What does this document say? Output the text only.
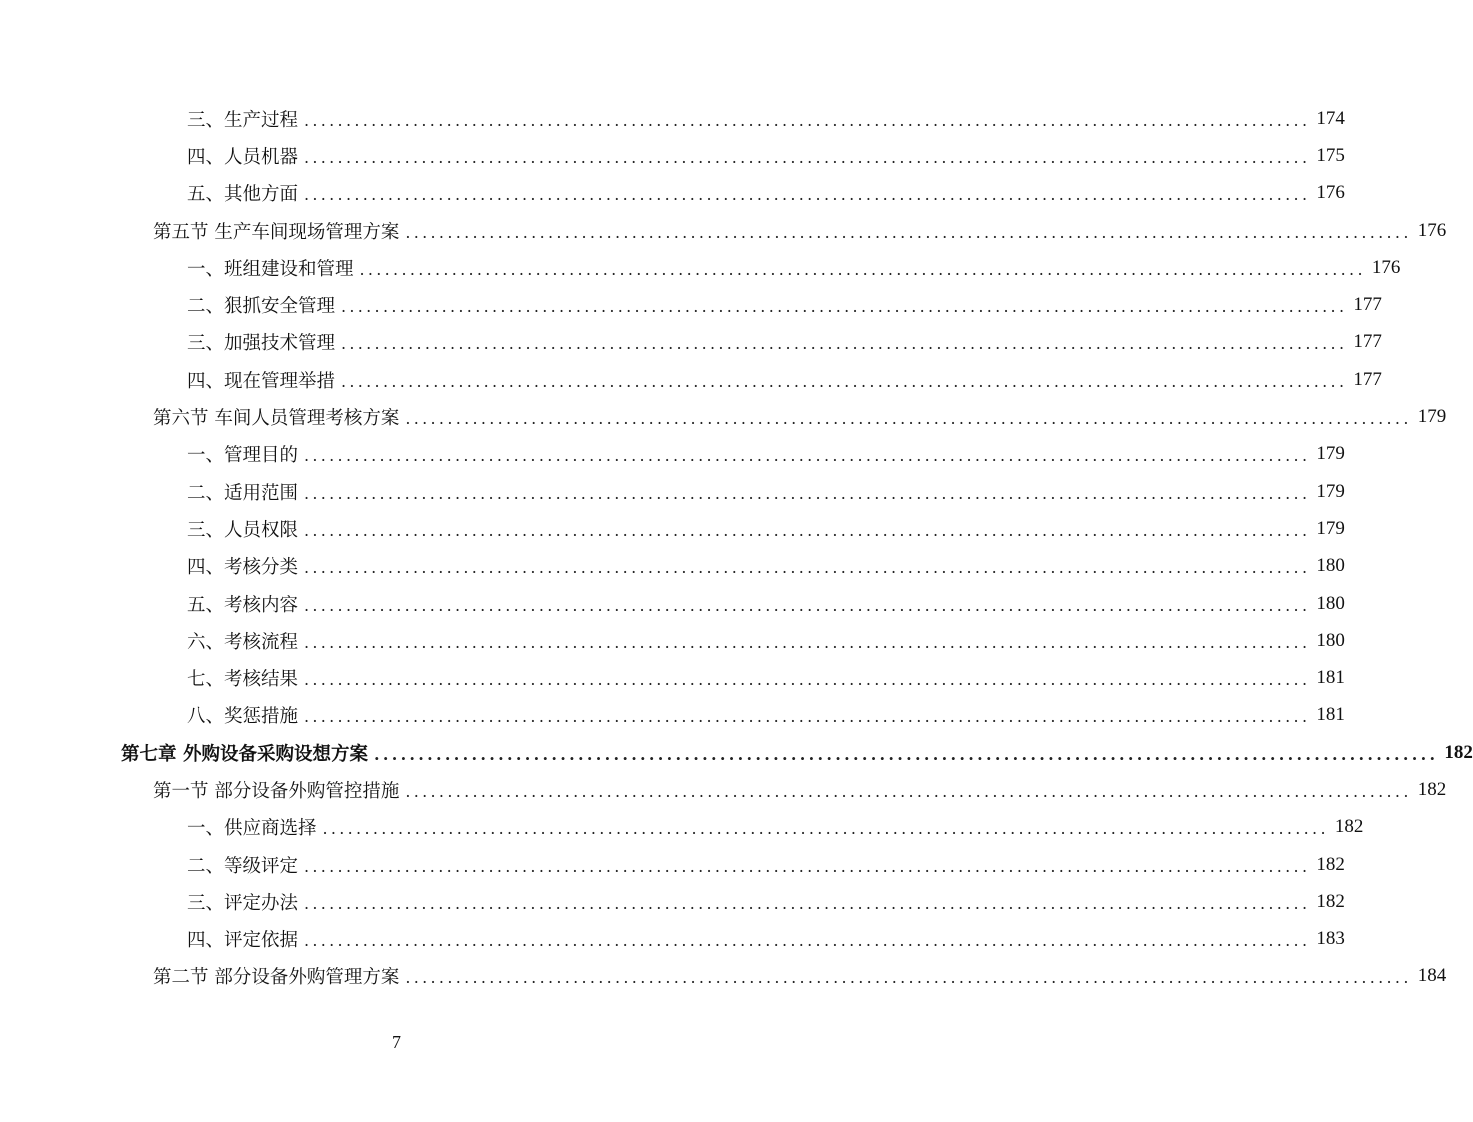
三、生产过程 ........................................................................................................................ 174
四、人员机器 ........................................................................................................................ 175
五、其他方面 ........................................................................................................................ 176
第五节 生产车间现场管理方案 ........................................................................................................................ 176
一、班组建设和管理 ........................................................................................................................ 176
二、狠抓安全管理 ........................................................................................................................ 177
三、加强技术管理 ........................................................................................................................ 177
四、现在管理举措 ........................................................................................................................ 177
第六节 车间人员管理考核方案 ........................................................................................................................ 179
一、管理目的 ........................................................................................................................ 179
二、适用范围 ........................................................................................................................ 179
三、人员权限 ........................................................................................................................ 179
四、考核分类 ........................................................................................................................ 180
五、考核内容 ........................................................................................................................ 180
六、考核流程 ........................................................................................................................ 180
七、考核结果 ........................................................................................................................ 181
八、奖惩措施 ........................................................................................................................ 181
第七章 外购设备采购设想方案 ........................................................................................................................ 182
第一节 部分设备外购管控措施 ........................................................................................................................ 182
一、供应商选择 ........................................................................................................................ 182
二、等级评定 ........................................................................................................................ 182
三、评定办法 ........................................................................................................................ 182
四、评定依据 ........................................................................................................................ 183
第二节 部分设备外购管理方案 ........................................................................................................................ 184
7
